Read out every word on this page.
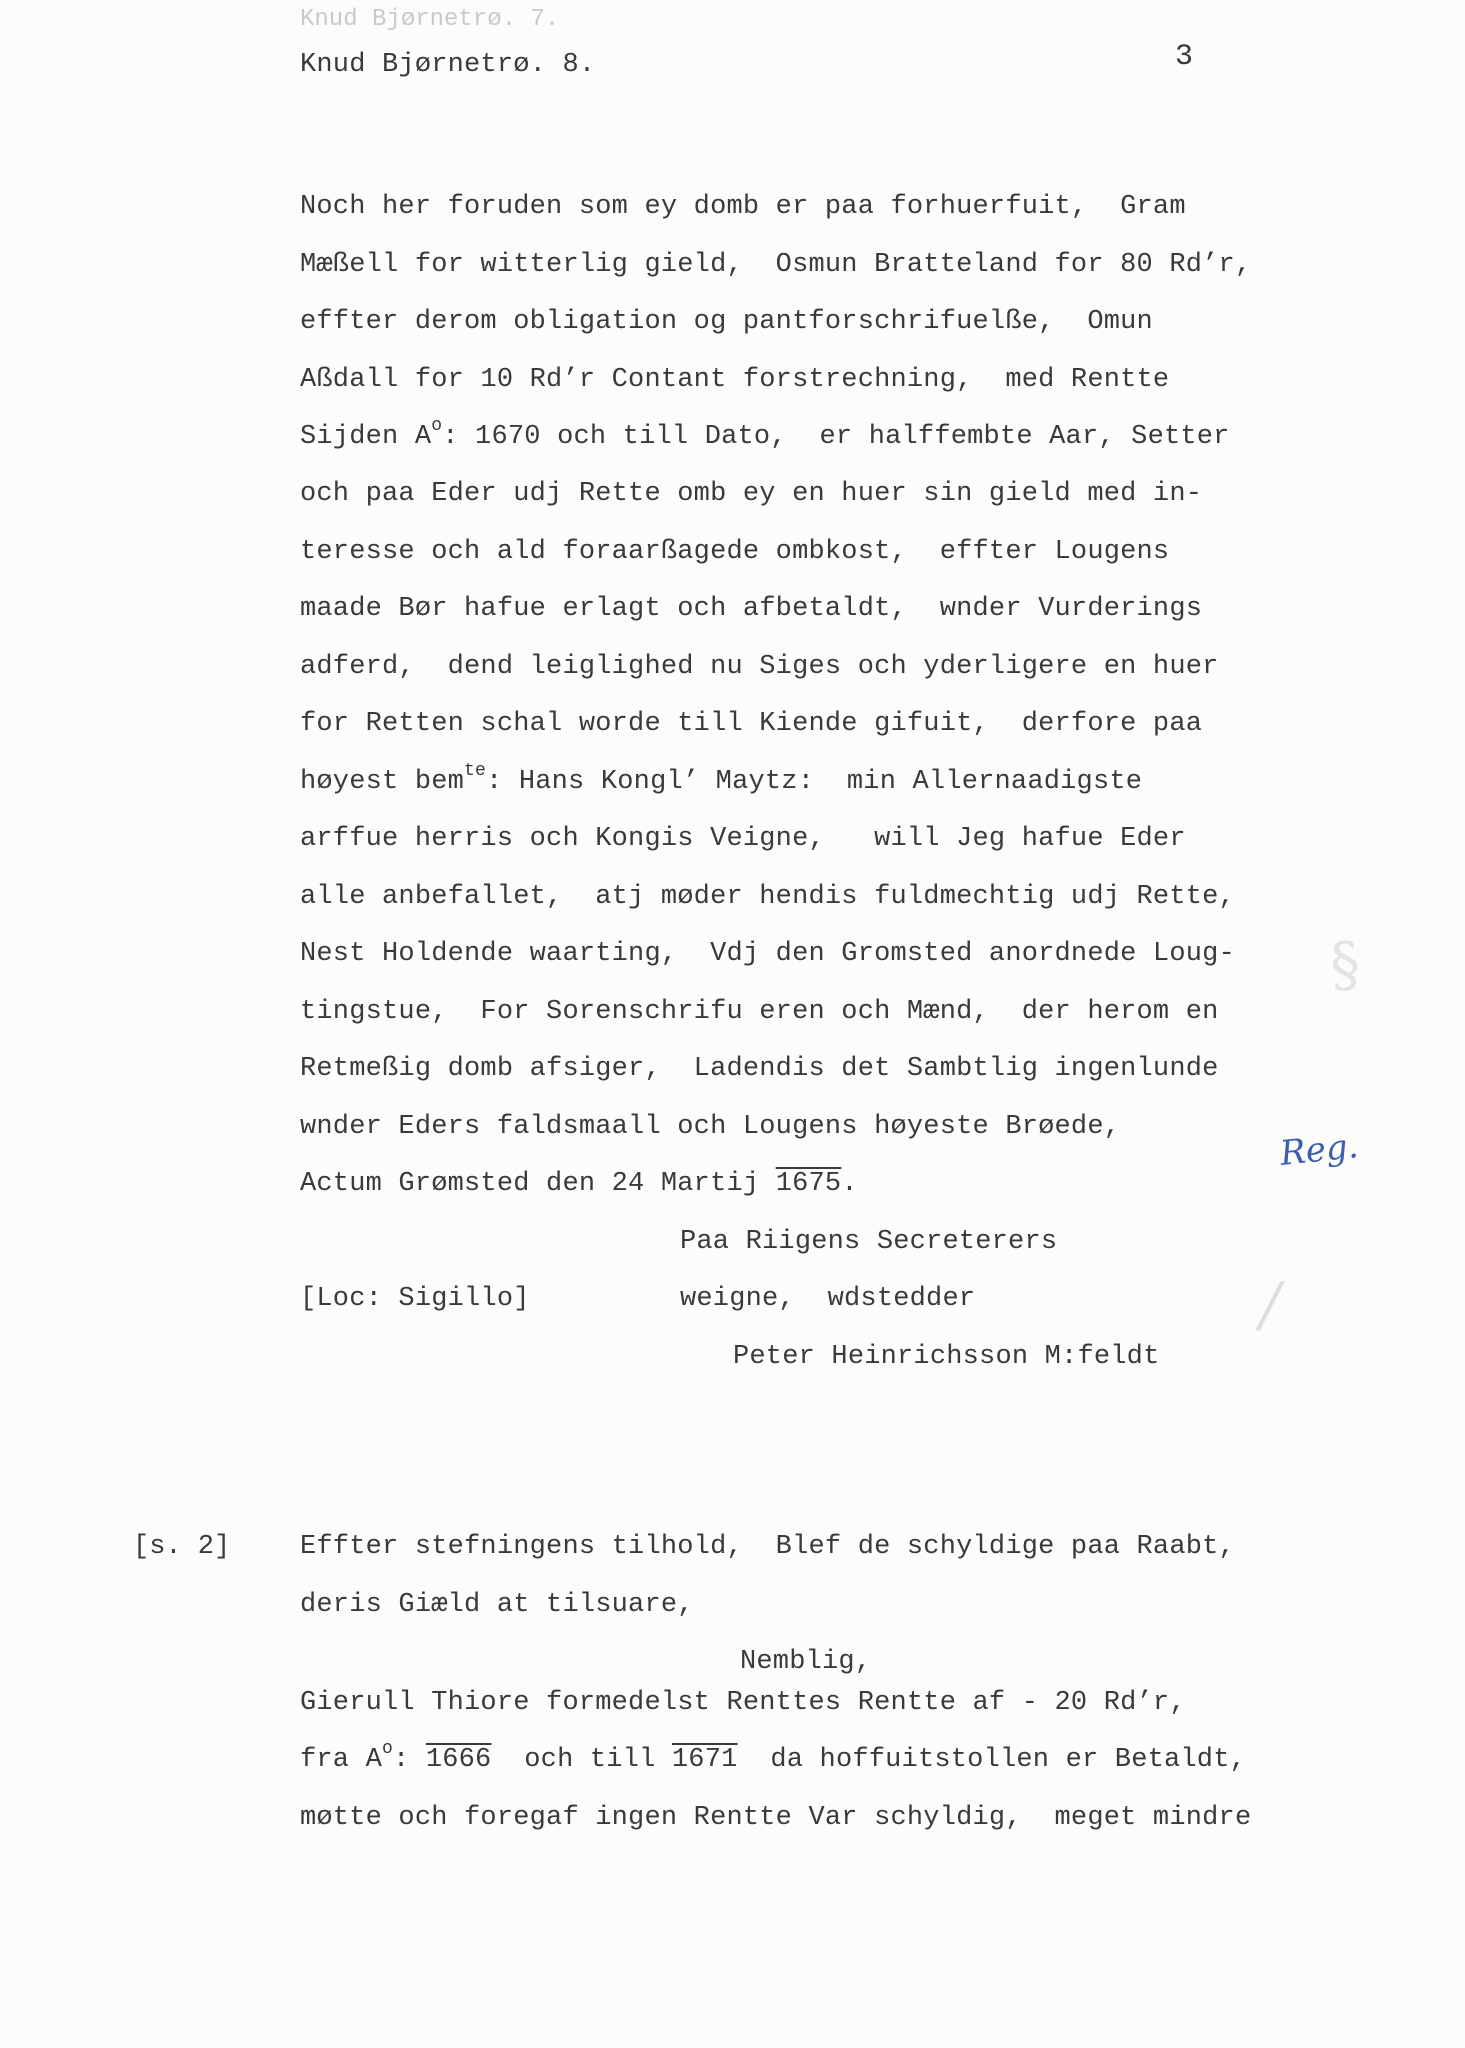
Knud Bjørnetrø. 7.
Knud Bjørnetrø. 8.	3
§
/
Noch her foruden som ey domb er paa forhuerfuit,  Gram
Mæßell for witterlig gield,  Osmun Bratteland for 80 Rd’r,
effter derom obligation og pantforschrifuelße,  Omun
Aßdall for 10 Rd’r Contant forstrechning,  med Rentte
Sijden $A^o$: 1670 och till Dato,  er halffembte Aar, Setter
och paa Eder udj Rette omb ey en huer sin gield med in-
teresse och ald foraarßagede ombkost,  effter Lougens
maade Bør hafue erlagt och afbetaldt,  wnder Vurderings
adferd,  dend leiglighed nu Siges och yderligere en huer
for Retten schal worde till Kiende gifuit,  derfore paa
høyest bem$^{te}$: Hans Kongl’ Maytz:  min Allernaadigste
arffue herris och Kongis Veigne,   will Jeg hafue Eder
alle anbefallet,  atj møder hendis fuldmechtig udj Rette,
Nest Holdende waarting,  Vdj den Gromsted anordnede Loug-
tingstue,  For Sorenschrifu eren och Mænd,  der herom en
Retmeßig domb afsiger,  Ladendis det Sambtlig ingenlunde
wnder Eders faldsmaall och Lougens høyeste Brøede,
Actum Grømsted den 24 Martij 1675.
Reg.
Paa Riigens Secreterers
[Loc: Sigillo]	weigne,  wdstedder
Peter Heinrichsson M:feldt
[s. 2]	Effter stefningens tilhold,  Blef de schyldige paa Raabt,
deris Giæld at tilsuare,
Nemblig,
Gierull Thiore formedelst Renttes Rentte af - 20 Rd’r,
fra $A^o$: 1666  och till 1671  da hoffuitstollen er Betaldt,
møtte och foregaf ingen Rentte Var schyldig,  meget mindre
